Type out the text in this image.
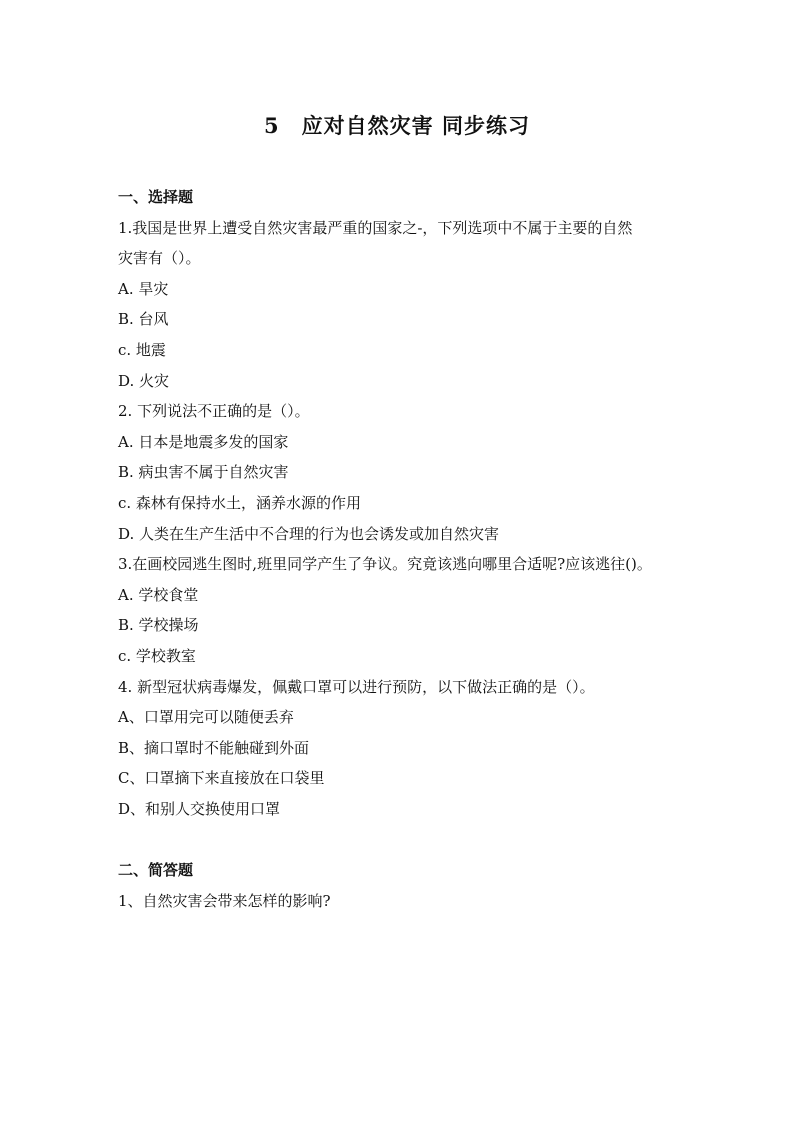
5 应对自然灾害 同步练习
一、选择题
1.我国是世界上遭受自然灾害最严重的国家之-，下列选项中不属于主要的自然
灾害有（）。
A. 旱灾
B. 台风
c. 地震
D. 火灾
2. 下列说法不正确的是（）。
A. 日本是地震多发的国家
B. 病虫害不属于自然灾害
c. 森林有保持水土，涵养水源的作用
D. 人类在生产生活中不合理的行为也会诱发或加自然灾害
3.在画校园逃生图时,班里同学产生了争议。究竟该逃向哪里合适呢?应该逃往()。
A. 学校食堂
B. 学校操场
c. 学校教室
4. 新型冠状病毒爆发，佩戴口罩可以进行预防，以下做法正确的是（）。
A、口罩用完可以随便丢弃
B、摘口罩时不能触碰到外面
C、口罩摘下来直接放在口袋里
D、和别人交换使用口罩
二、简答题
1、自然灾害会带来怎样的影响?
